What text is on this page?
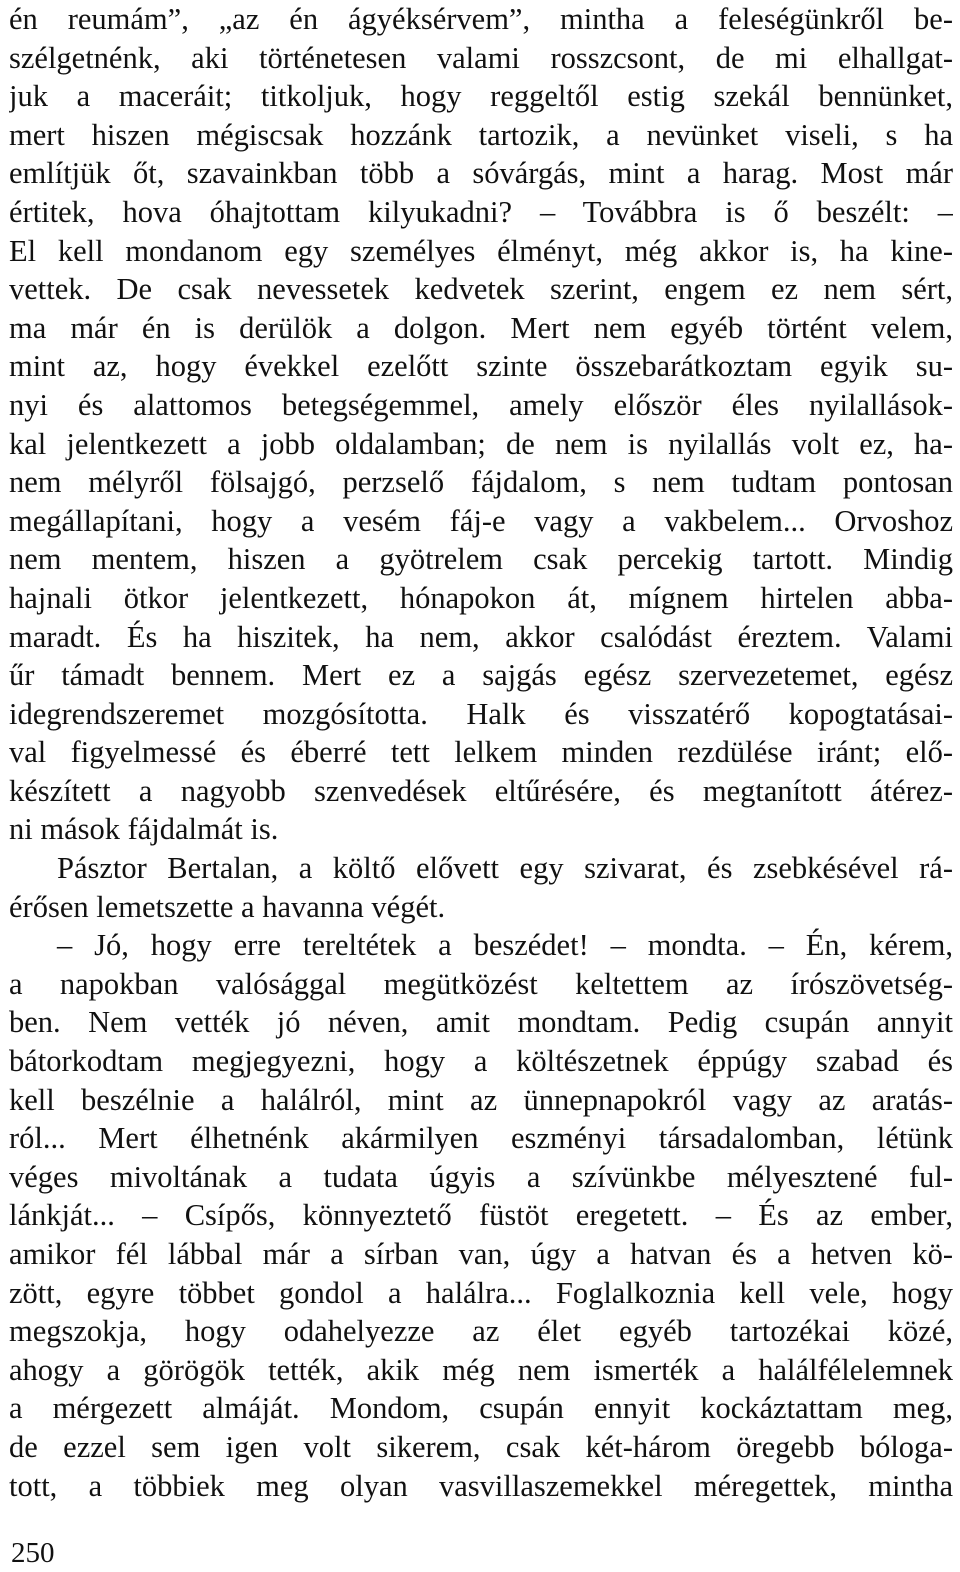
én reumám”, „az én ágyéksérvem”, mintha a feleségünkről be-
szélgetnénk, aki történetesen valami rosszcsont, de mi elhallgat-
juk a maceráit; titkoljuk, hogy reggeltől estig szekál bennünket,
mert hiszen mégiscsak hozzánk tartozik, a nevünket viseli, s ha
említjük őt, szavainkban több a sóvárgás, mint a harag. Most már
értitek, hova óhajtottam kilyukadni? – Továbbra is ő beszélt: –
El kell mondanom egy személyes élményt, még akkor is, ha kine-
vettek. De csak nevessetek kedvetek szerint, engem ez nem sért,
ma már én is derülök a dolgon. Mert nem egyéb történt velem,
mint az, hogy évekkel ezelőtt szinte összebarátkoztam egyik su-
nyi és alattomos betegségemmel, amely először éles nyilallások-
kal jelentkezett a jobb oldalamban; de nem is nyilallás volt ez, ha-
nem mélyről fölsajgó, perzselő fájdalom, s nem tudtam pontosan
megállapítani, hogy a vesém fáj-e vagy a vakbelem... Orvoshoz
nem mentem, hiszen a gyötrelem csak percekig tartott. Mindig
hajnali ötkor jelentkezett, hónapokon át, mígnem hirtelen abba-
maradt. És ha hiszitek, ha nem, akkor csalódást éreztem. Valami
űr támadt bennem. Mert ez a sajgás egész szervezetemet, egész
idegrendszeremet mozgósította. Halk és visszatérő kopogtatásai-
val figyelmessé és éberré tett lelkem minden rezdülése iránt; elő-
készített a nagyobb szenvedések eltűrésére, és megtanított átérez-
ni mások fájdalmát is.
Pásztor Bertalan, a költő elővett egy szivarat, és zsebkésével rá-
érősen lemetszette a havanna végét.
– Jó, hogy erre tereltétek a beszédet! – mondta. – Én, kérem,
a napokban valósággal megütközést keltettem az írószövetség-
ben. Nem vették jó néven, amit mondtam. Pedig csupán annyit
bátorkodtam megjegyezni, hogy a költészetnek éppúgy szabad és
kell beszélnie a halálról, mint az ünnepnapokról vagy az aratás-
ról... Mert élhetnénk akármilyen eszményi társadalomban, létünk
véges mivoltának a tudata úgyis a szívünkbe mélyesztené ful-
lánkját... – Csípős, könnyeztető füstöt eregetett. – És az ember,
amikor fél lábbal már a sírban van, úgy a hatvan és a hetven kö-
zött, egyre többet gondol a halálra... Foglalkoznia kell vele, hogy
megszokja, hogy odahelyezze az élet egyéb tartozékai közé,
ahogy a görögök tették, akik még nem ismerték a halálfélelemnek
a mérgezett almáját. Mondom, csupán ennyit kockáztattam meg,
de ezzel sem igen volt sikerem, csak két-három öregebb bóloga-
tott, a többiek meg olyan vasvillaszemekkel méregettek, mintha
250
